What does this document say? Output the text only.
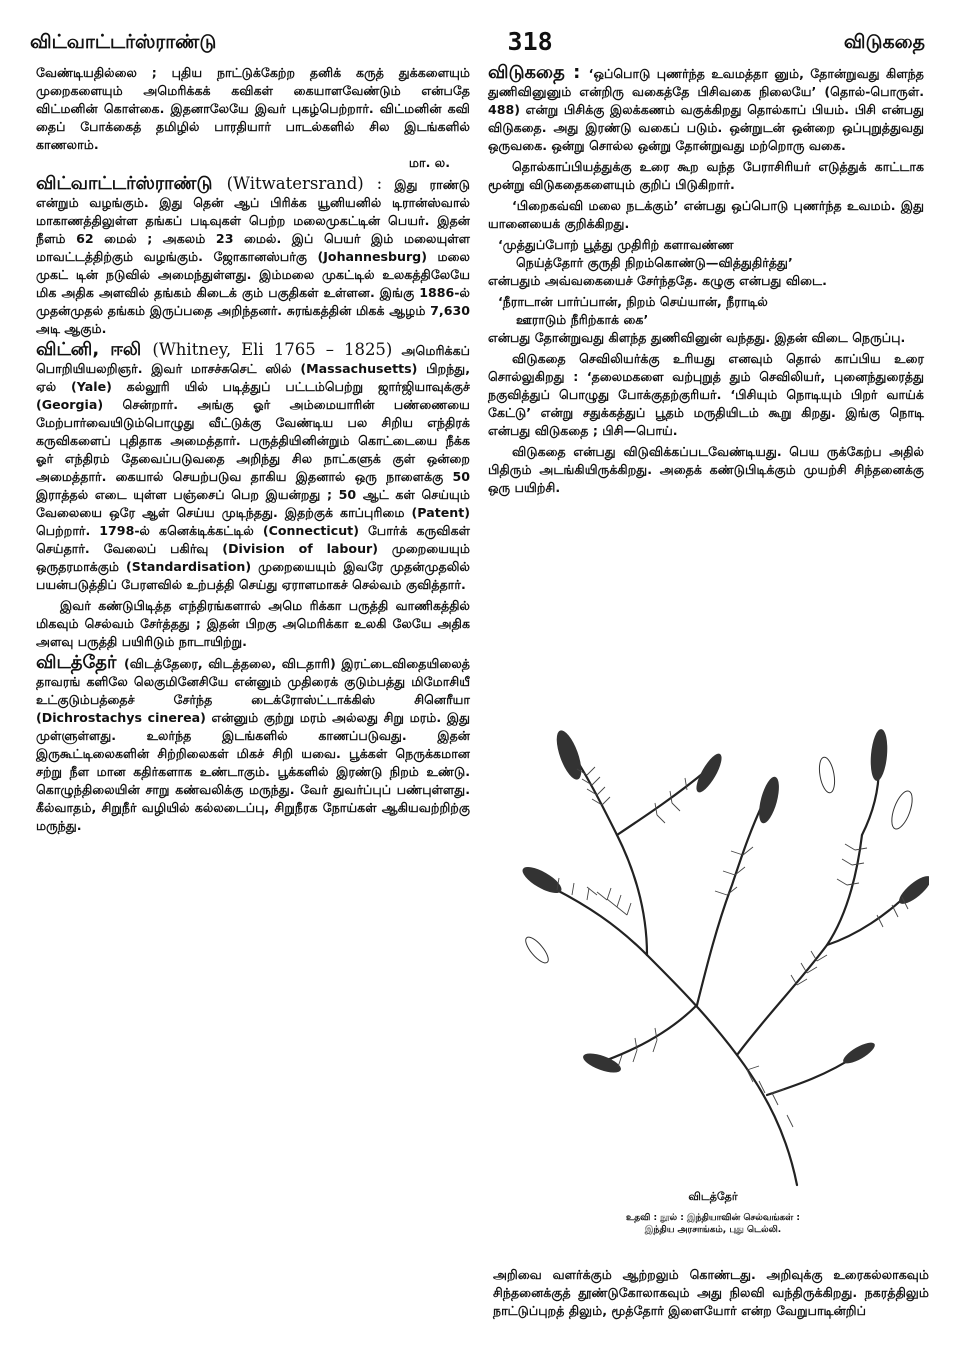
விட்வாட்டர்ஸ்ராண்டு	318	விடுகதை

வேண்டியதில்லை ; புதிய நாட்டுக்கேற்ற தனிக் கருத் துக்களையும் முறைகளையும் அமெரிக்கக் கவிகள் கையாளவேண்டும் என்பதே விட்மனின் கொள்கை. இதனாலேயே இவர் புகழ்பெற்றார். விட்மனின் கவி தைப் போக்கைத் தமிழில் பாரதியார் பாடல்களில் சில இடங்களில் காணலாம்.
மா. ல.

விட்வாட்டர்ஸ்ராண்டு (Witwatersrand) : இது ராண்டு என்றும் வழங்கும். இது தென் ஆப் பிரிக்க யூனியனில் டிரான்ஸ்வால் மாகாணத்திலுள்ள தங்கப் படிவுகள் பெற்ற மலைமுகட்டின் பெயர். இதன் நீளம் 62 மைல் ; அகலம் 23 மைல். இப் பெயர் இம் மலையுள்ள மாவட்டத்திற்கும் வழங்கும். ஜோகானஸ்பர்கு (Johannesburg) மலை முகட் டின் நடுவில் அமைந்துள்ளது. இம்மலை முகட்டில் உலகத்திலேயே மிக அதிக அளவில் தங்கம் கிடைக் கும் பகுதிகள் உள்ளன. இங்கு 1886-ல் முதன்முதல் தங்கம் இருப்பதை அறிந்தனர். சுரங்கத்தின் மிகக் ஆழம் 7,630 அடி ஆகும்.

விட்னி, ஈலி (Whitney, Eli 1765 – 1825) அமெரிக்கப் பொறியியலறிஞர். இவர் மாசச்சுசெட் ஸில் (Massachusetts) பிறந்து, ஏல் (Yale) கல்லூரி யில் படித்துப் பட்டம்பெற்று ஜார்ஜியாவுக்குச் (Georgia) சென்றார். அங்கு ஓர் அம்மையாரின் பண்ணையை மேற்பார்வையிடும்பொழுது வீட்டுக்கு வேண்டிய பல சிறிய எந்திரக் கருவிகளைப் புதிதாக அமைத்தார். பருத்தியினின்றும் கொட்டையை நீக்க ஓர் எந்திரம் தேவைப்படுவதை அறிந்து சில நாட்களுக் குள் ஒன்றை அமைத்தார். கையால் செயற்படுவ தாகிய இதனால் ஒரு நாளைக்கு 50 இராத்தல் எடை யுள்ள பஞ்சைப் பெற இயன்றது ; 50 ஆட் கள் செய்யும் வேலையை ஒரே ஆள் செய்ய முடிந்தது. இதற்குக் காப்புரிமை (Patent) பெற்றார். 1798-ல் கனெக்டிக்கட்டில் (Connecticut) போர்க் கருவிகள் செய்தார். வேலைப் பகிர்வு (Division of labour) முறையையும் ஒருதரமாக்கும் (Standardisation) முறையையும் இவரே முதன்முதலில் பயன்படுத்திப் பேரளவில் உற்பத்தி செய்து ஏராளமாகச் செல்வம் குவித்தார்.

இவர் கண்டுபிடித்த எந்திரங்களால் அமெ ரிக்கா பருத்தி வாணிகத்தில் மிகவும் செல்வம் சேர்த்தது ; இதன் பிறகு அமெரிக்கா உலகி லேயே அதிக அளவு பருத்தி பயிரிடும் நாடாயிற்று.

விடத்தேர் (விடத்தேரை, விடத்தலை, விடதாரி) இரட்டைவிதையிலைத் தாவரங் களிலே லெகுமினேசியே என்னும் முதிரைக் குடும்பத்து மிமோசியீ உட்குடும்பத்தைச் சேர்ந்த டைக்ரோஸ்ட்டாக்கிஸ் சினெரீயா (Dichrostachys cinerea) என்னும் குற்று மரம் அல்லது சிறு மரம். இது முள்ளுள்ளது. உலர்ந்த இடங்களில் காணப்படுவது. இதன் இருகூட்டிலைகளின் சிற்றிலைகள் மிகச் சிறி யவை. பூக்கள் நெருக்கமான சற்று நீள மான கதிர்களாக உண்டாகும். பூக்களில் இரண்டு நிறம் உண்டு. கொழுந்திலையின் சாறு கண்வலிக்கு மருந்து. வேர் துவர்ப்புப் பண்புள்ளது. கீல்வாதம், சிறுநீர் வழியில் கல்லடைப்பு, சிறுநீரக நோய்கள் ஆகியவற்றிற்கு மருந்து.

விடுகதை : ‘ஒப்பொடு புணர்ந்த உவமத்தா னும், தோன்றுவது கிளந்த துணிவினுனும் என்றிரு வகைத்தே பிசிவகை நிலையே’ (தொல்-பொருள். 488) என்று பிசிக்கு இலக்கணம் வகுக்கிறது தொல்காப் பியம். பிசி என்பது விடுகதை. அது இரண்டு வகைப் படும். ஒன்றுடன் ஒன்றை ஒப்புறுத்துவது ஒருவகை. ஒன்று சொல்ல ஒன்று தோன்றுவது மற்றொரு வகை.

தொல்காப்பியத்துக்கு உரை கூற வந்த பேராசிரியர் எடுத்துக் காட்டாக மூன்று விடுகதைகளையும் குறிப் பிடுகிறார்.

‘பிறைகவ்வி மலை நடக்கும்’ என்பது ஒப்பொடு புணர்ந்த உவமம். இது யானையைக் குறிக்கிறது.

‘முத்துப்போற் பூத்து முதிரிற் களாவண்ண
நெய்த்தோர் குருதி நிறம்கொண்டு—வித்துதிர்த்து’
என்பதும் அவ்வகையைச் சேர்ந்ததே. கழுகு என்பது விடை.

‘நீராடான் பார்ப்பான், நிறம் செய்யான், நீராடில்
ஊராடும் நீரிற்காக் கை’
என்பது தோன்றுவது கிளந்த துணிவினுன் வந்தது. இதன் விடை நெருப்பு.

விடுகதை செவிலியர்க்கு உரியது எனவும் தொல் காப்பிய உரை சொல்லுகிறது : ‘தலைமகளை வற்புறுத் தும் செவிலியர், புனைந்துரைத்து நகுவித்துப் பொழுது போக்குதற்குரியர். ‘பிசியும் நொடியும் பிறர் வாய்க் கேட்டு’ என்று சதுக்கத்துப் பூதம் மருதியிடம் கூறு கிறது. இங்கு நொடி என்பது விடுகதை ; பிசி—பொய்.

விடுகதை என்பது விடுவிக்கப்படவேண்டியது. பெய ருக்கேற்ப அதில் பிதிரும் அடங்கியிருக்கிறது. அதைக் கண்டுபிடிக்கும் முயற்சி சிந்தனைக்கு ஒரு பயிற்சி.

விடத்தேர்
உதவி : நூல் : இந்தியாவின் செல்வங்கள் :
இந்திய அரசாங்கம், புது டெல்லி.

அறிவை வளர்க்கும் ஆற்றலும் கொண்டது. அறிவுக்கு உரைகல்லாகவும் சிந்தனைக்குத் தூண்டுகோலாகவும் அது நிலவி வந்திருக்கிறது. நகரத்திலும் நாட்டுப்புறத் திலும், மூத்தோர் இளையோர் என்ற வேறுபாடின்றிப்
